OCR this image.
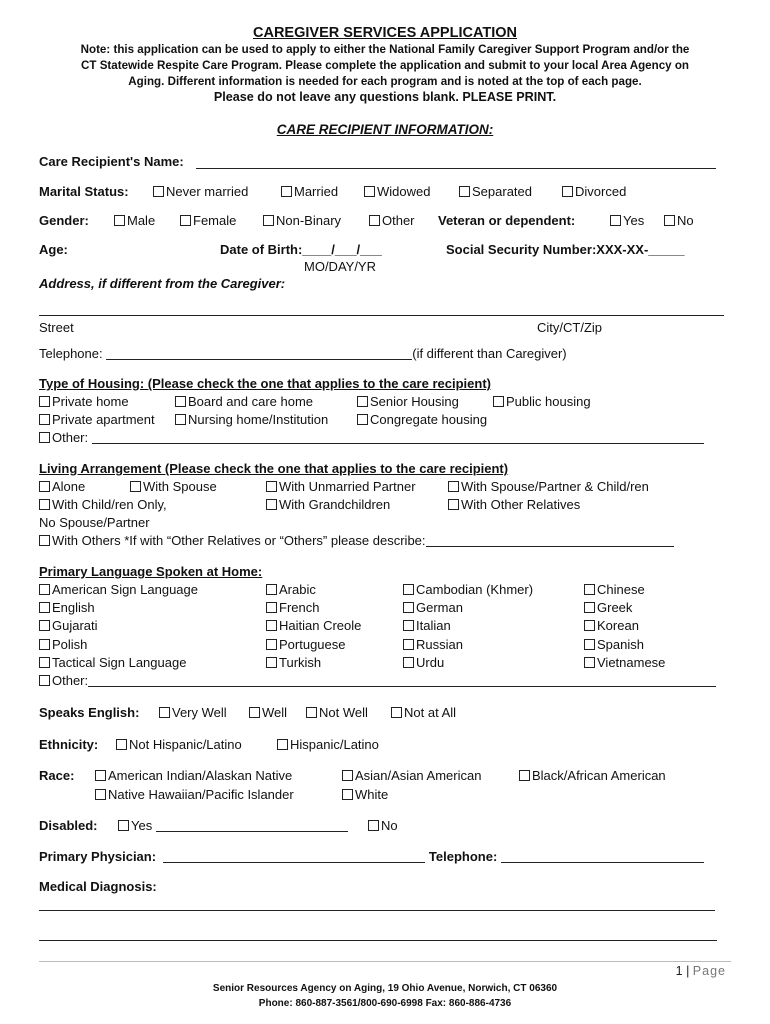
CAREGIVER SERVICES APPLICATION
Note: this application can be used to apply to either the National Family Caregiver Support Program and/or the
CT Statewide Respite Care Program. Please complete the application and submit to your local Area Agency on
Aging. Different information is needed for each program and is noted at the top of each page.
Please do not leave any questions blank. PLEASE PRINT.
CARE RECIPIENT INFORMATION:
Care Recipient's Name:
Marital Status:	Never married	Married	Widowed	Separated	Divorced
Gender:	Male	Female	Non-Binary	Other Veteran or dependent:	Yes	No
Age:	Date of Birth:____/___/___
MO/DAY/YR
Social Security Number:XXX-XX-_____
Address, if different from the Caregiver:
Street	City/CT/Zip
Telephone:	(if different than Caregiver)
Type of Housing: (Please check the one that applies to the care recipient)
Private home	Board and care home	Senior Housing	Public housing
Private apartment	Nursing home/Institution	Congregate housing
Other:
Living Arrangement (Please check the one that applies to the care recipient)
Alone	With Spouse	With Unmarried Partner	With Spouse/Partner & Child/ren
With Child/ren Only,	With Grandchildren	With Other Relatives
No Spouse/Partner
With Others *If with “Other Relatives or “Others” please describe:
Primary Language Spoken at Home:
American Sign Language	Arabic	Cambodian (Khmer)	Chinese
English	French	German	Greek
Gujarati	Haitian Creole	Italian	Korean
Polish	Portuguese	Russian	Spanish
Tactical Sign Language	Turkish	Urdu	Vietnamese
Other:
Speaks English:	Very Well	Well	Not Well	Not at All
Ethnicity:	Not Hispanic/Latino	Hispanic/Latino
Race:	American Indian/Alaskan Native	Asian/Asian American	Black/African American
Native Hawaiian/Pacific Islander	White
Disabled:	Yes	No
Primary Physician:	Telephone:
Medical Diagnosis:
1 | Page
Senior Resources Agency on Aging, 19 Ohio Avenue, Norwich, CT 06360
Phone: 860-887-3561/800-690-6998 Fax: 860-886-4736
